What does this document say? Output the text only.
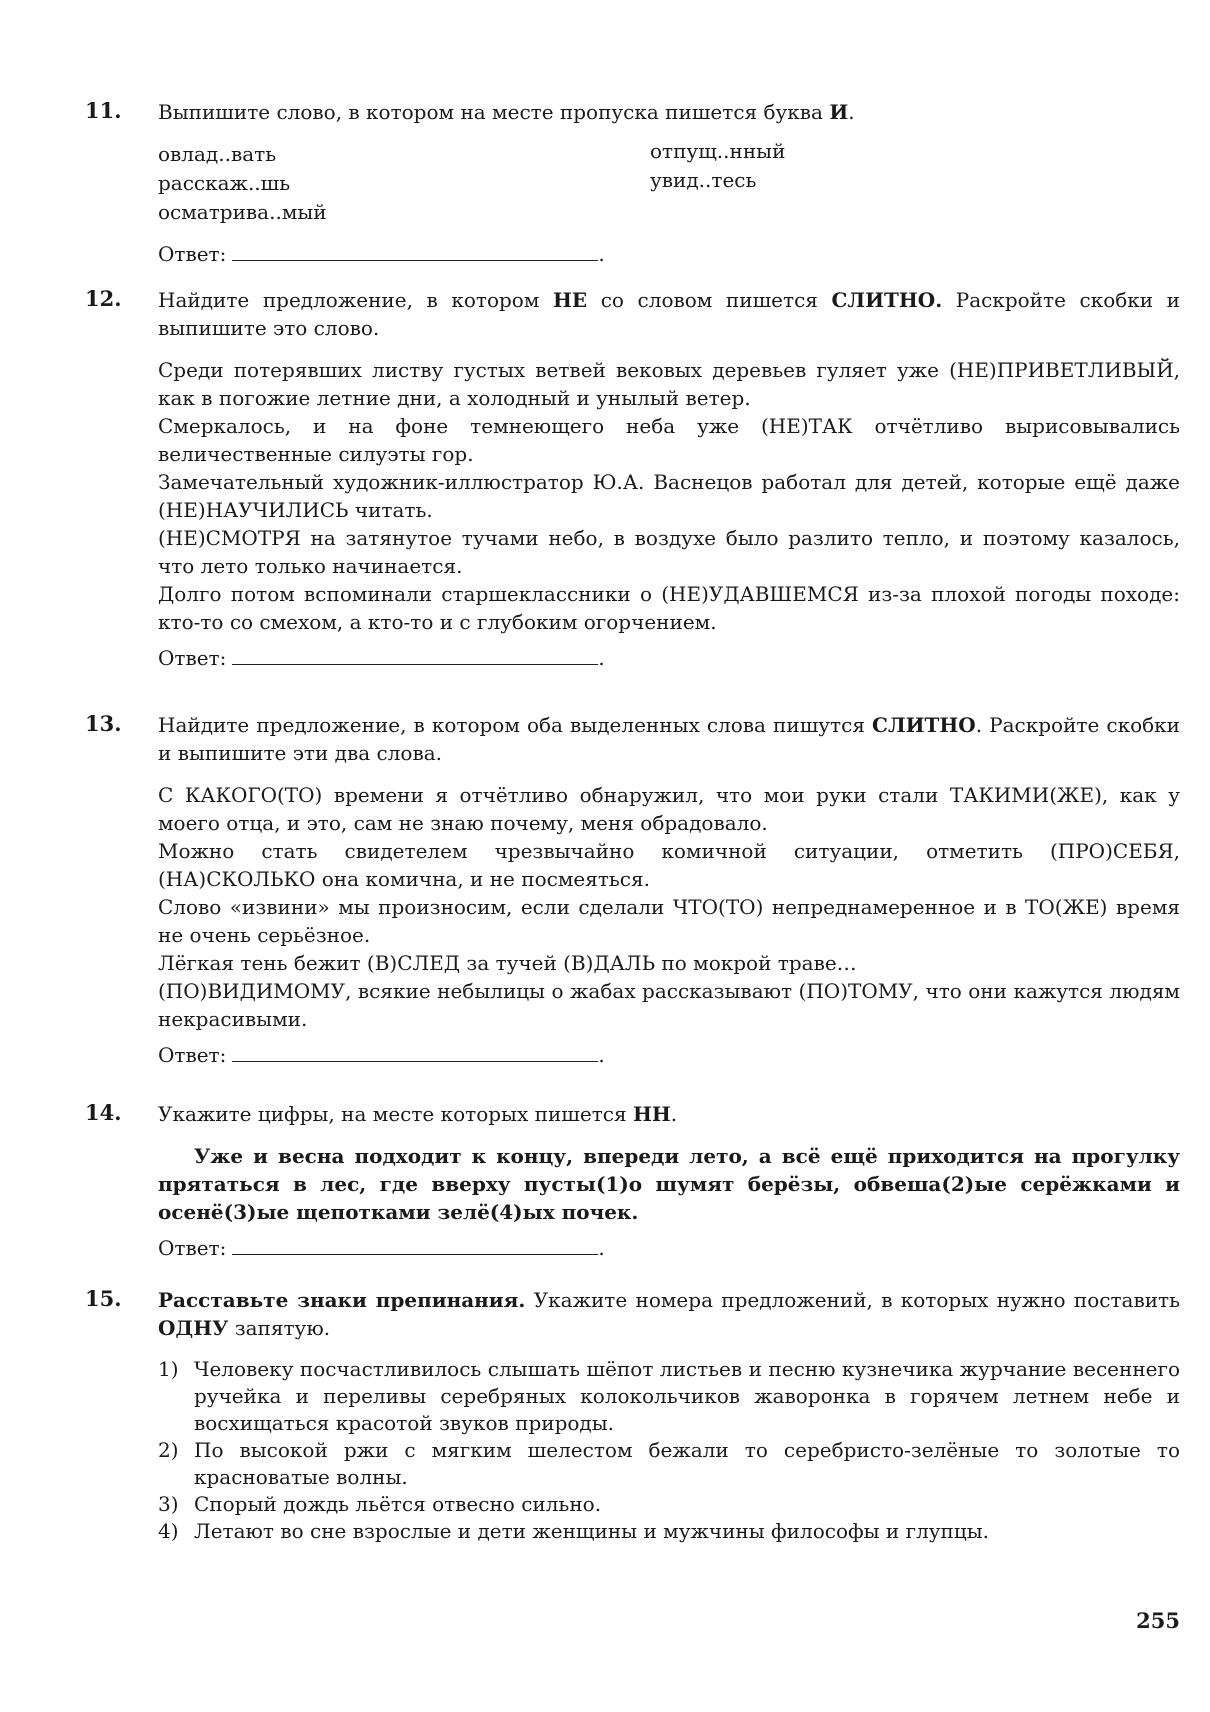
11. Выпишите слово, в котором на месте пропуска пишется буква И.

овлад..вать	отпущ..нный
расскаж..шь	увид..тесь
осматрива..мый
Ответ:	.
12. Найдите предложение, в котором НЕ со словом пишется СЛИТНО. Раскройте скобки и выпишите это слово.

Среди потерявших листву густых ветвей вековых деревьев гуляет уже (НЕ)ПРИВЕТЛИВЫЙ, как в погожие летние дни, а холодный и унылый ветер.

Смеркалось, и на фоне темнеющего неба уже (НЕ)ТАК отчётливо вырисовывались величественные силуэты гор.

Замечательный художник-иллюстратор Ю.А. Васнецов работал для детей, которые ещё даже (НЕ)НАУЧИЛИСЬ читать.

(НЕ)СМОТРЯ на затянутое тучами небо, в воздухе было разлито тепло, и поэтому казалось, что лето только начинается.

Долго потом вспоминали старшеклассники о (НЕ)УДАВШЕМСЯ из-за плохой погоды походе: кто-то со смехом, а кто-то и с глубоким огорчением.

Ответ:	.
13. Найдите предложение, в котором оба выделенных слова пишутся СЛИТНО. Раскройте скобки и выпишите эти два слова.

С КАКОГО(ТО) времени я отчётливо обнаружил, что мои руки стали ТАКИМИ(ЖЕ), как у моего отца, и это, сам не знаю почему, меня обрадовало.

Можно стать свидетелем чрезвычайно комичной ситуации, отметить (ПРО)СЕБЯ, (НА)СКОЛЬКО она комична, и не посмеяться.

Слово «извини» мы произносим, если сделали ЧТО(ТО) непреднамеренное и в ТО(ЖЕ) время не очень серьёзное.

Лёгкая тень бежит (В)СЛЕД за тучей (В)ДАЛЬ по мокрой траве…

(ПО)ВИДИМОМУ, всякие небылицы о жабах рассказывают (ПО)ТОМУ, что они кажутся людям некрасивыми.

Ответ:	.
14. Укажите цифры, на месте которых пишется НН.

Уже и весна подходит к концу, впереди лето, а всё ещё приходится на прогулку прятаться в лес, где вверху пусты(1)о шумят берёзы, обвеша(2)ые серёжками и осенё(3)ые щепотками зелё(4)ых почек.

Ответ:	.
15. Расставьте знаки препинания. Укажите номера предложений, в которых нужно поставить ОДНУ запятую.

1) Человеку посчастливилось слышать шёпот листьев и песню кузнечика журчание весеннего ручейка и переливы серебряных колокольчиков жаворонка в горячем летнем небе и восхищаться красотой звуков природы.
2) По высокой ржи с мягким шелестом бежали то серебристо-зелёные то золотые то красноватые волны.
3) Спорый дождь льётся отвесно сильно.
4) Летают во сне взрослые и дети женщины и мужчины философы и глупцы.
255
